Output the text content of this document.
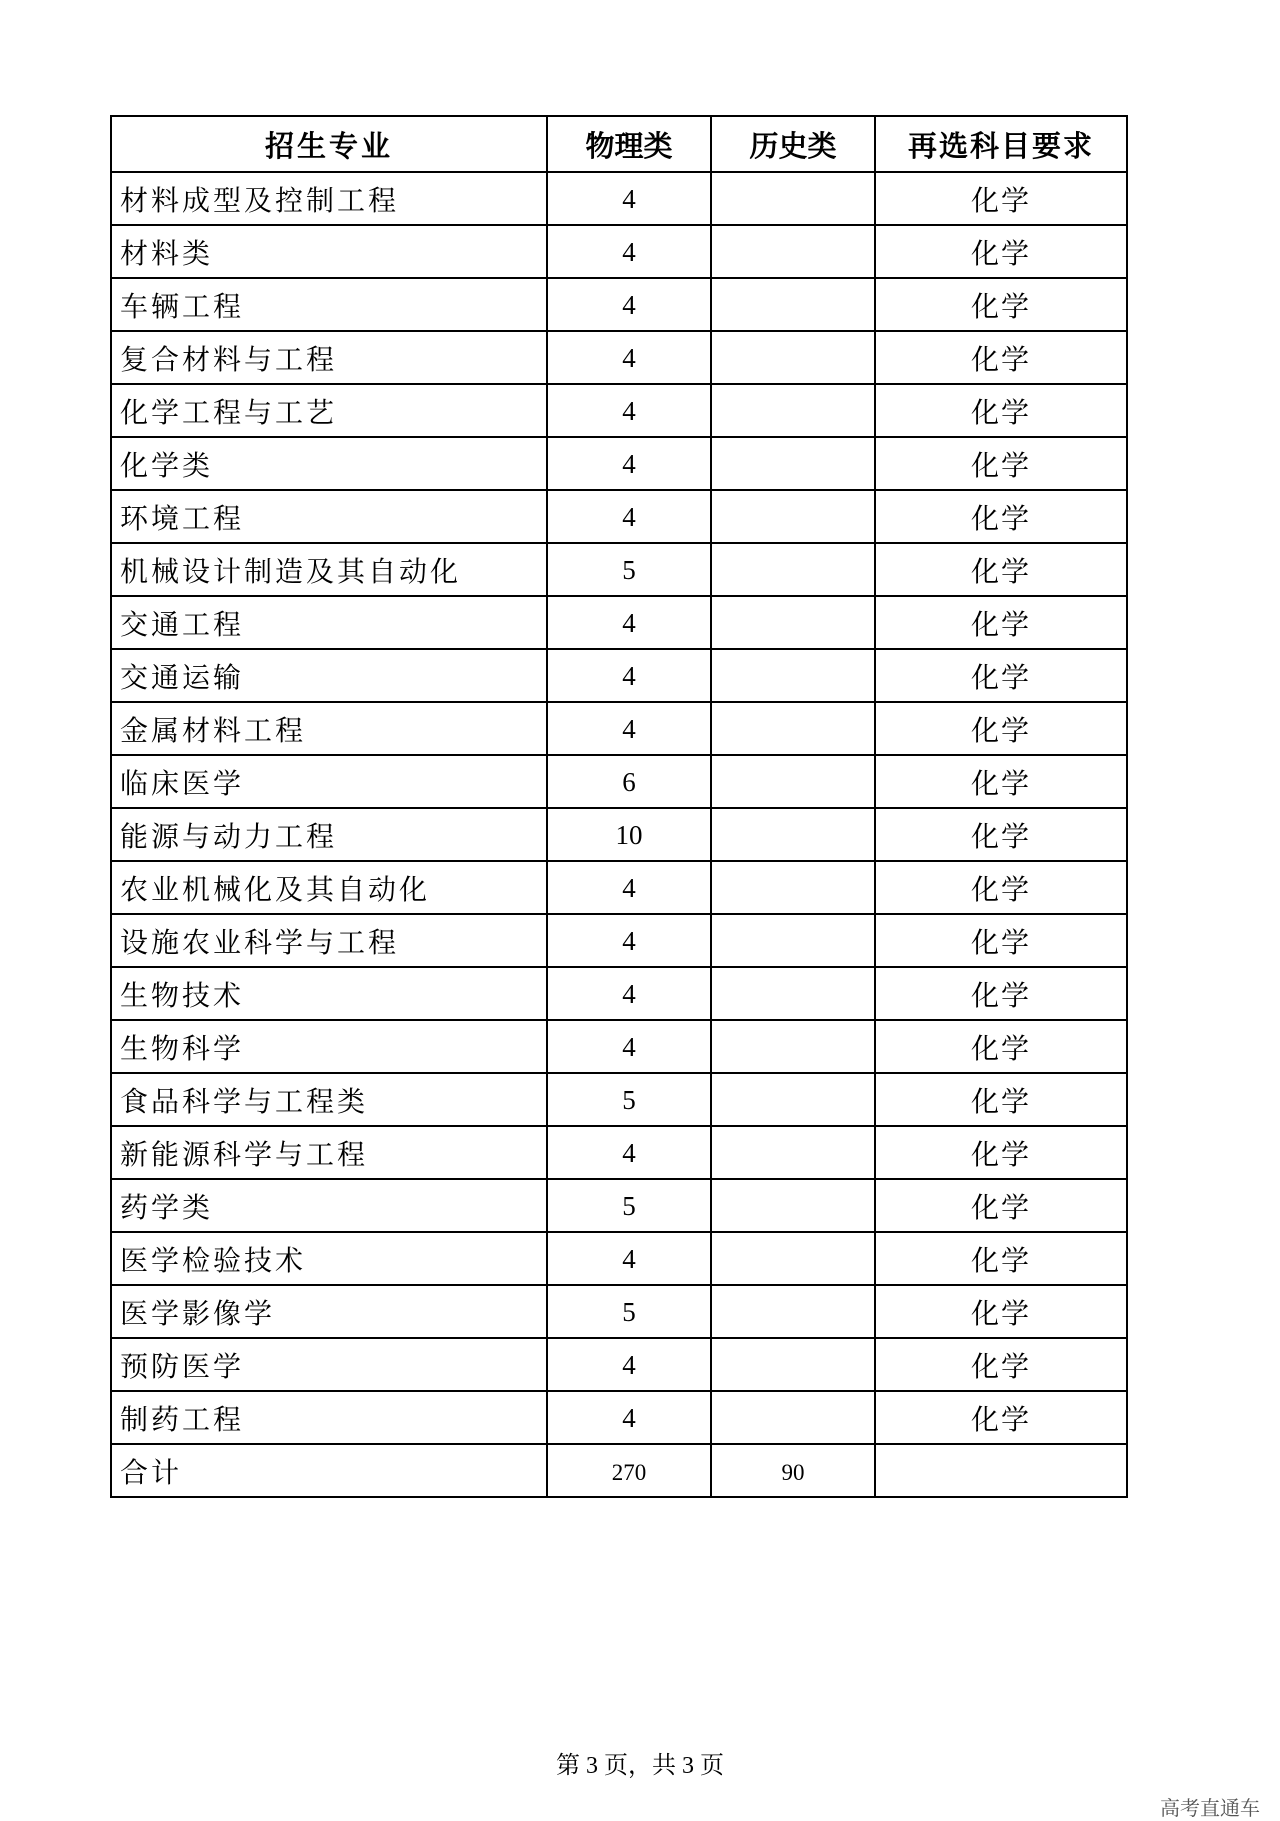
招生专业	物理类	历史类	再选科目要求
材料成型及控制工程	4		化学
材料类	4		化学
车辆工程	4		化学
复合材料与工程	4		化学
化学工程与工艺	4		化学
化学类	4		化学
环境工程	4		化学
机械设计制造及其自动化	5		化学
交通工程	4		化学
交通运输	4		化学
金属材料工程	4		化学
临床医学	6		化学
能源与动力工程	10		化学
农业机械化及其自动化	4		化学
设施农业科学与工程	4		化学
生物技术	4		化学
生物科学	4		化学
食品科学与工程类	5		化学
新能源科学与工程	4		化学
药学类	5		化学
医学检验技术	4		化学
医学影像学	5		化学
预防医学	4		化学
制药工程	4		化学
合计	270	90	
第 3 页，共 3 页
高考直通车
